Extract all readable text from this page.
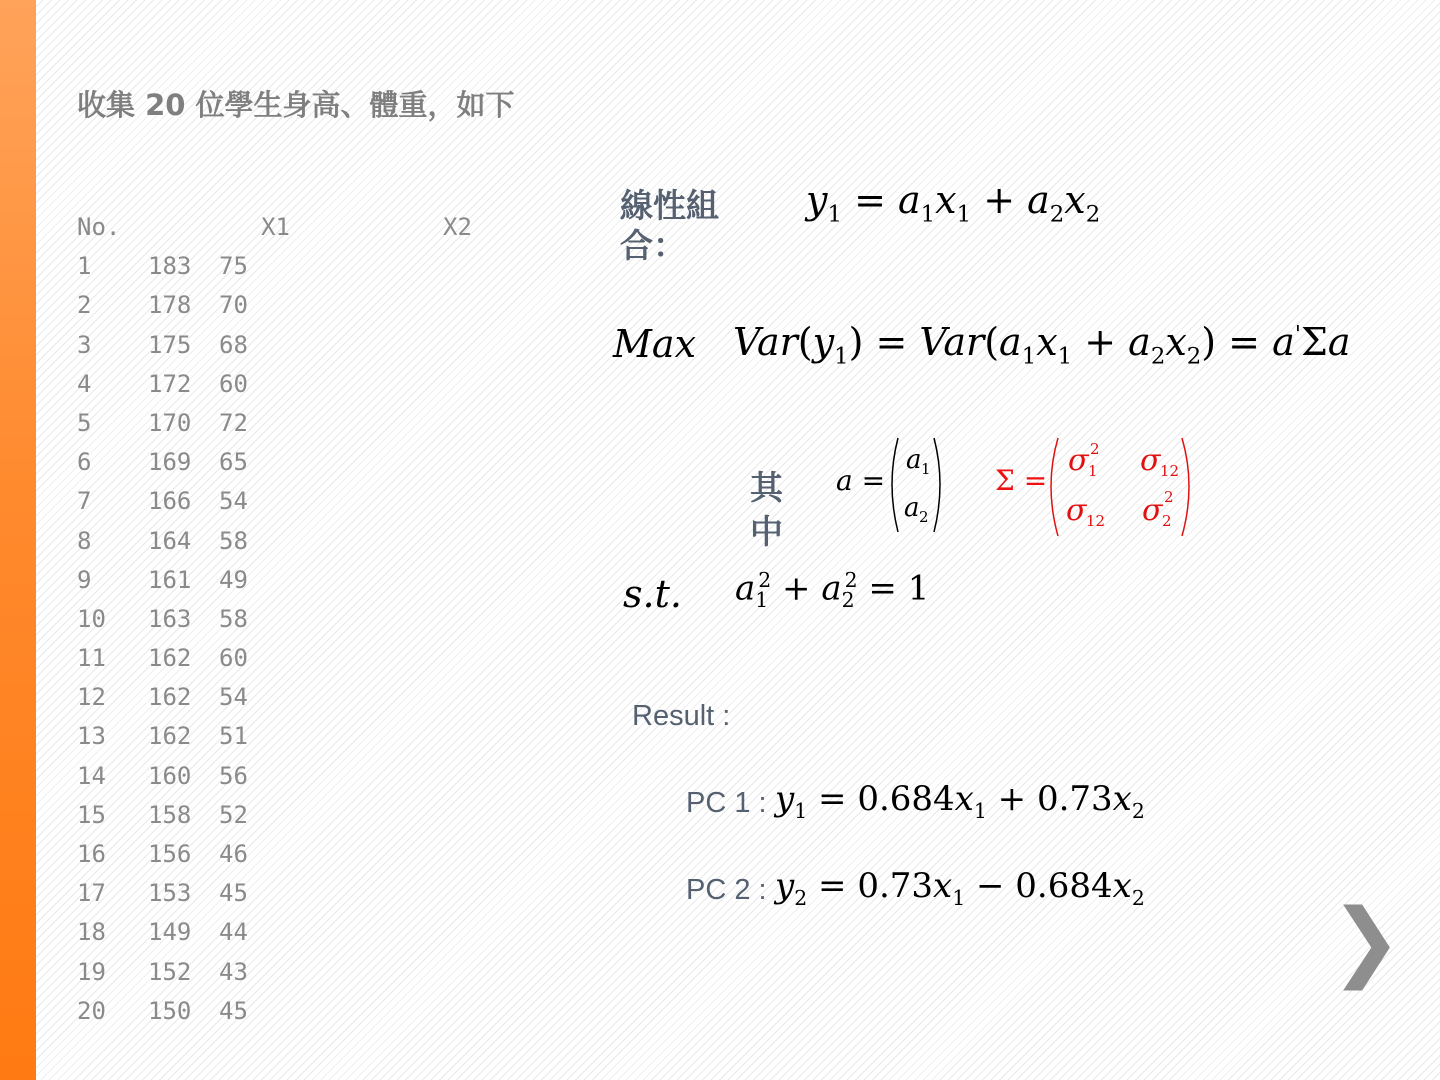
收集 20 位學生身高、體重，如下
No.	X1	X2
1 183 75
2 178 70
3 175 68
4 172 60
5 170 72
6 169 65
7 166 54
8 164 58
9 161 49
10 163 58
11 162 60
12 162 54
13 162 51
14 160 56
15 158 52
16 156 46
17 153 45
18 149 44
19 152 43
20 150 45
線性組合：
$y_1 = a_1x_1 + a_2x_2$
Max $Var(y_1) = Var(a_1x_1 + a_2x_2) = a'\Sigma a$
其中
a =
a 1
a 2
Σ =
σ 2
1 σ 12
σ 12 σ 2
2
s.t. $a_1^2 + a_2^2 = 1$
Result :
PC 1 : $y_1 = 0.684x_1 + 0.73x_2$
PC 2 : $y_2 = 0.73x_1 - 0.684x_2$ ❯
